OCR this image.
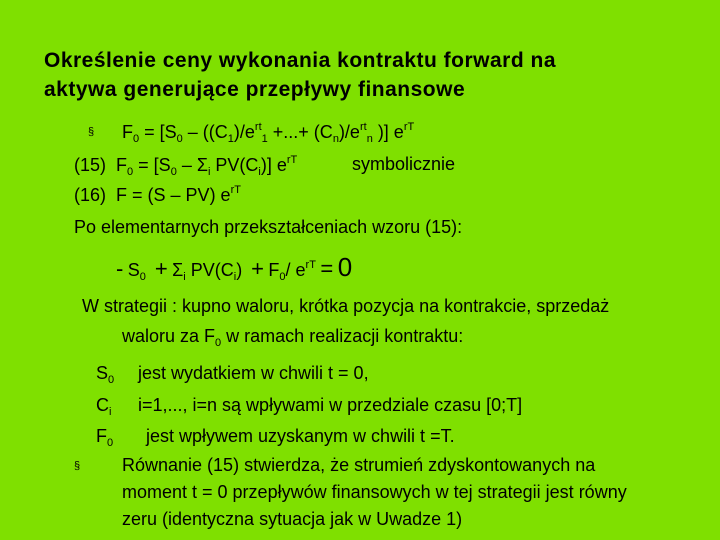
Określenie ceny wykonania kontraktu forward na
aktywa generujące przepływy finansowe
§ $F_0 = [S_0 - ((C_1)/e^{rt}_1$ +...+ $(C_n)/e^{rt}_n$ )] $e^{rT}$
(15) $F_0 = [S_0 - \Sigma_i$ $PV(C_i)$] $e^{rT}$	symbolicznie
(16) F = (S – PV) $e^{rT}$
Po elementarnych przekształceniach wzoru (15):
- $S_0 + \Sigma_i$ $PV(C_i) + F_0/$ $e^{rT} = 0$
W strategii : kupno waloru, krótka pozycja na kontrakcie, sprzedaż
waloru za $F_0$ w ramach realizacji kontraktu:
$S_0$ jest wydatkiem w chwili t = 0,
$C_i$ i=1,..., i=n są wpływami w przedziale czasu [0;T]
$F_0$ jest wpływem uzyskanym w chwili t =T.
§ Równanie (15) stwierdza, że strumień zdyskontowanych na
moment t = 0 przepływów finansowych w tej strategii jest równy
zeru (identyczna sytuacja jak w Uwadze 1)
